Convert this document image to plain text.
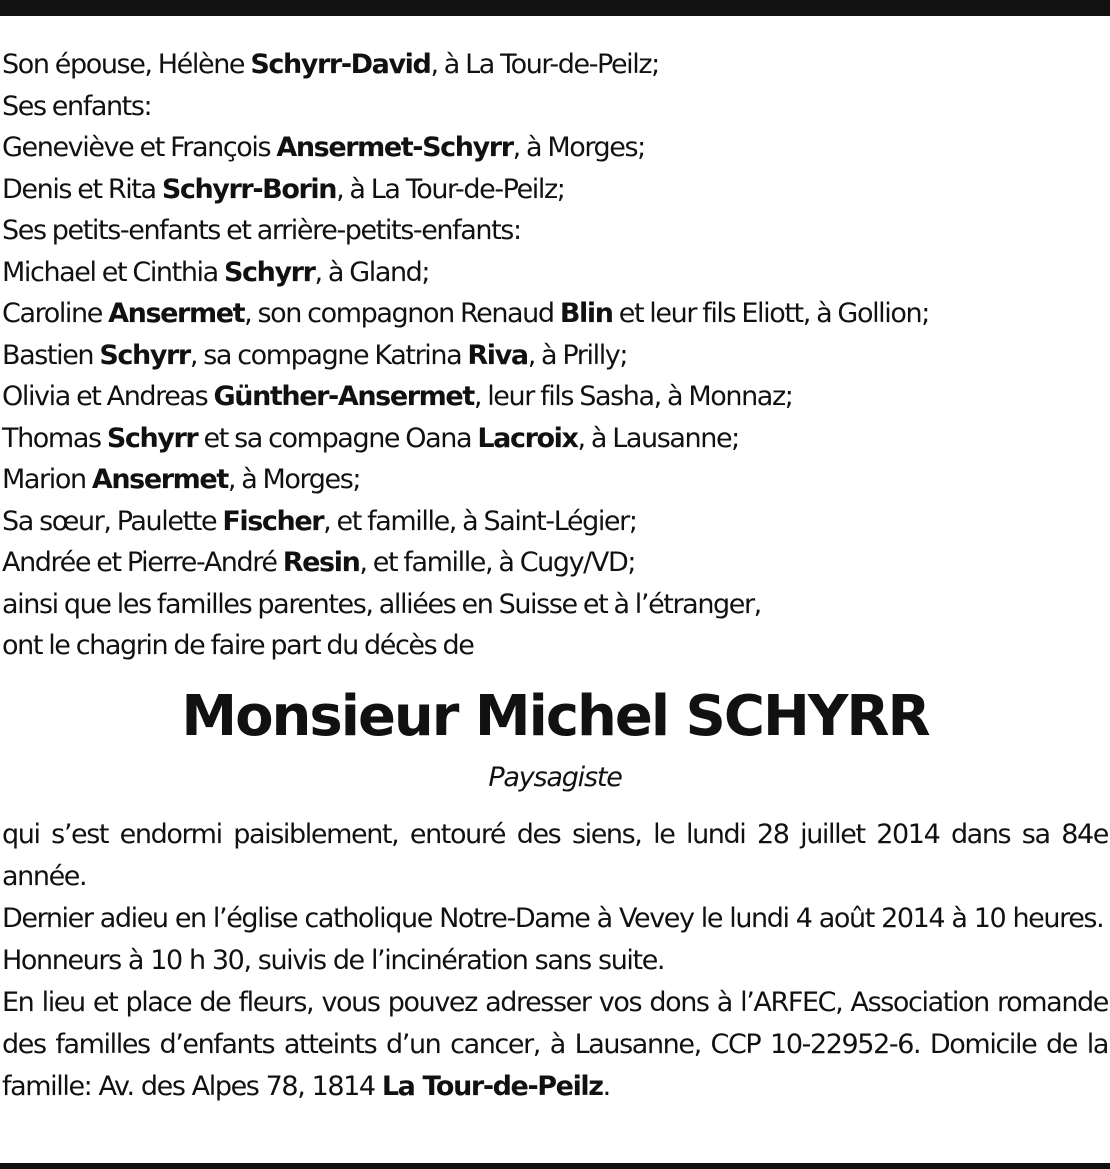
Son épouse, Hélène Schyrr-David, à La Tour-de-Peilz;
Ses enfants:
Geneviève et François Ansermet-Schyrr, à Morges;
Denis et Rita Schyrr-Borin, à La Tour-de-Peilz;
Ses petits-enfants et arrière-petits-enfants:
Michael et Cinthia Schyrr, à Gland;
Caroline Ansermet, son compagnon Renaud Blin et leur fils Eliott, à Gollion;
Bastien Schyrr, sa compagne Katrina Riva, à Prilly;
Olivia et Andreas Günther-Ansermet, leur fils Sasha, à Monnaz;
Thomas Schyrr et sa compagne Oana Lacroix, à Lausanne;
Marion Ansermet, à Morges;
Sa sœur, Paulette Fischer, et famille, à Saint-Légier;
Andrée et Pierre-André Resin, et famille, à Cugy/VD;
ainsi que les familles parentes, alliées en Suisse et à l’étranger,
ont le chagrin de faire part du décès de
Monsieur Michel SCHYRR
Paysagiste
qui s’est endormi paisiblement, entouré des siens, le lundi 28 juillet 2014 dans sa 84e année.
Dernier adieu en l’église catholique Notre-Dame à Vevey le lundi 4 août 2014 à 10 heures.
Honneurs à 10 h 30, suivis de l’incinération sans suite.
En lieu et place de fleurs, vous pouvez adresser vos dons à l’ARFEC, Association romande des familles d’enfants atteints d’un cancer, à Lausanne, CCP 10-22952-6. Domicile de la famille: Av. des Alpes 78, 1814 La Tour-de-Peilz.
